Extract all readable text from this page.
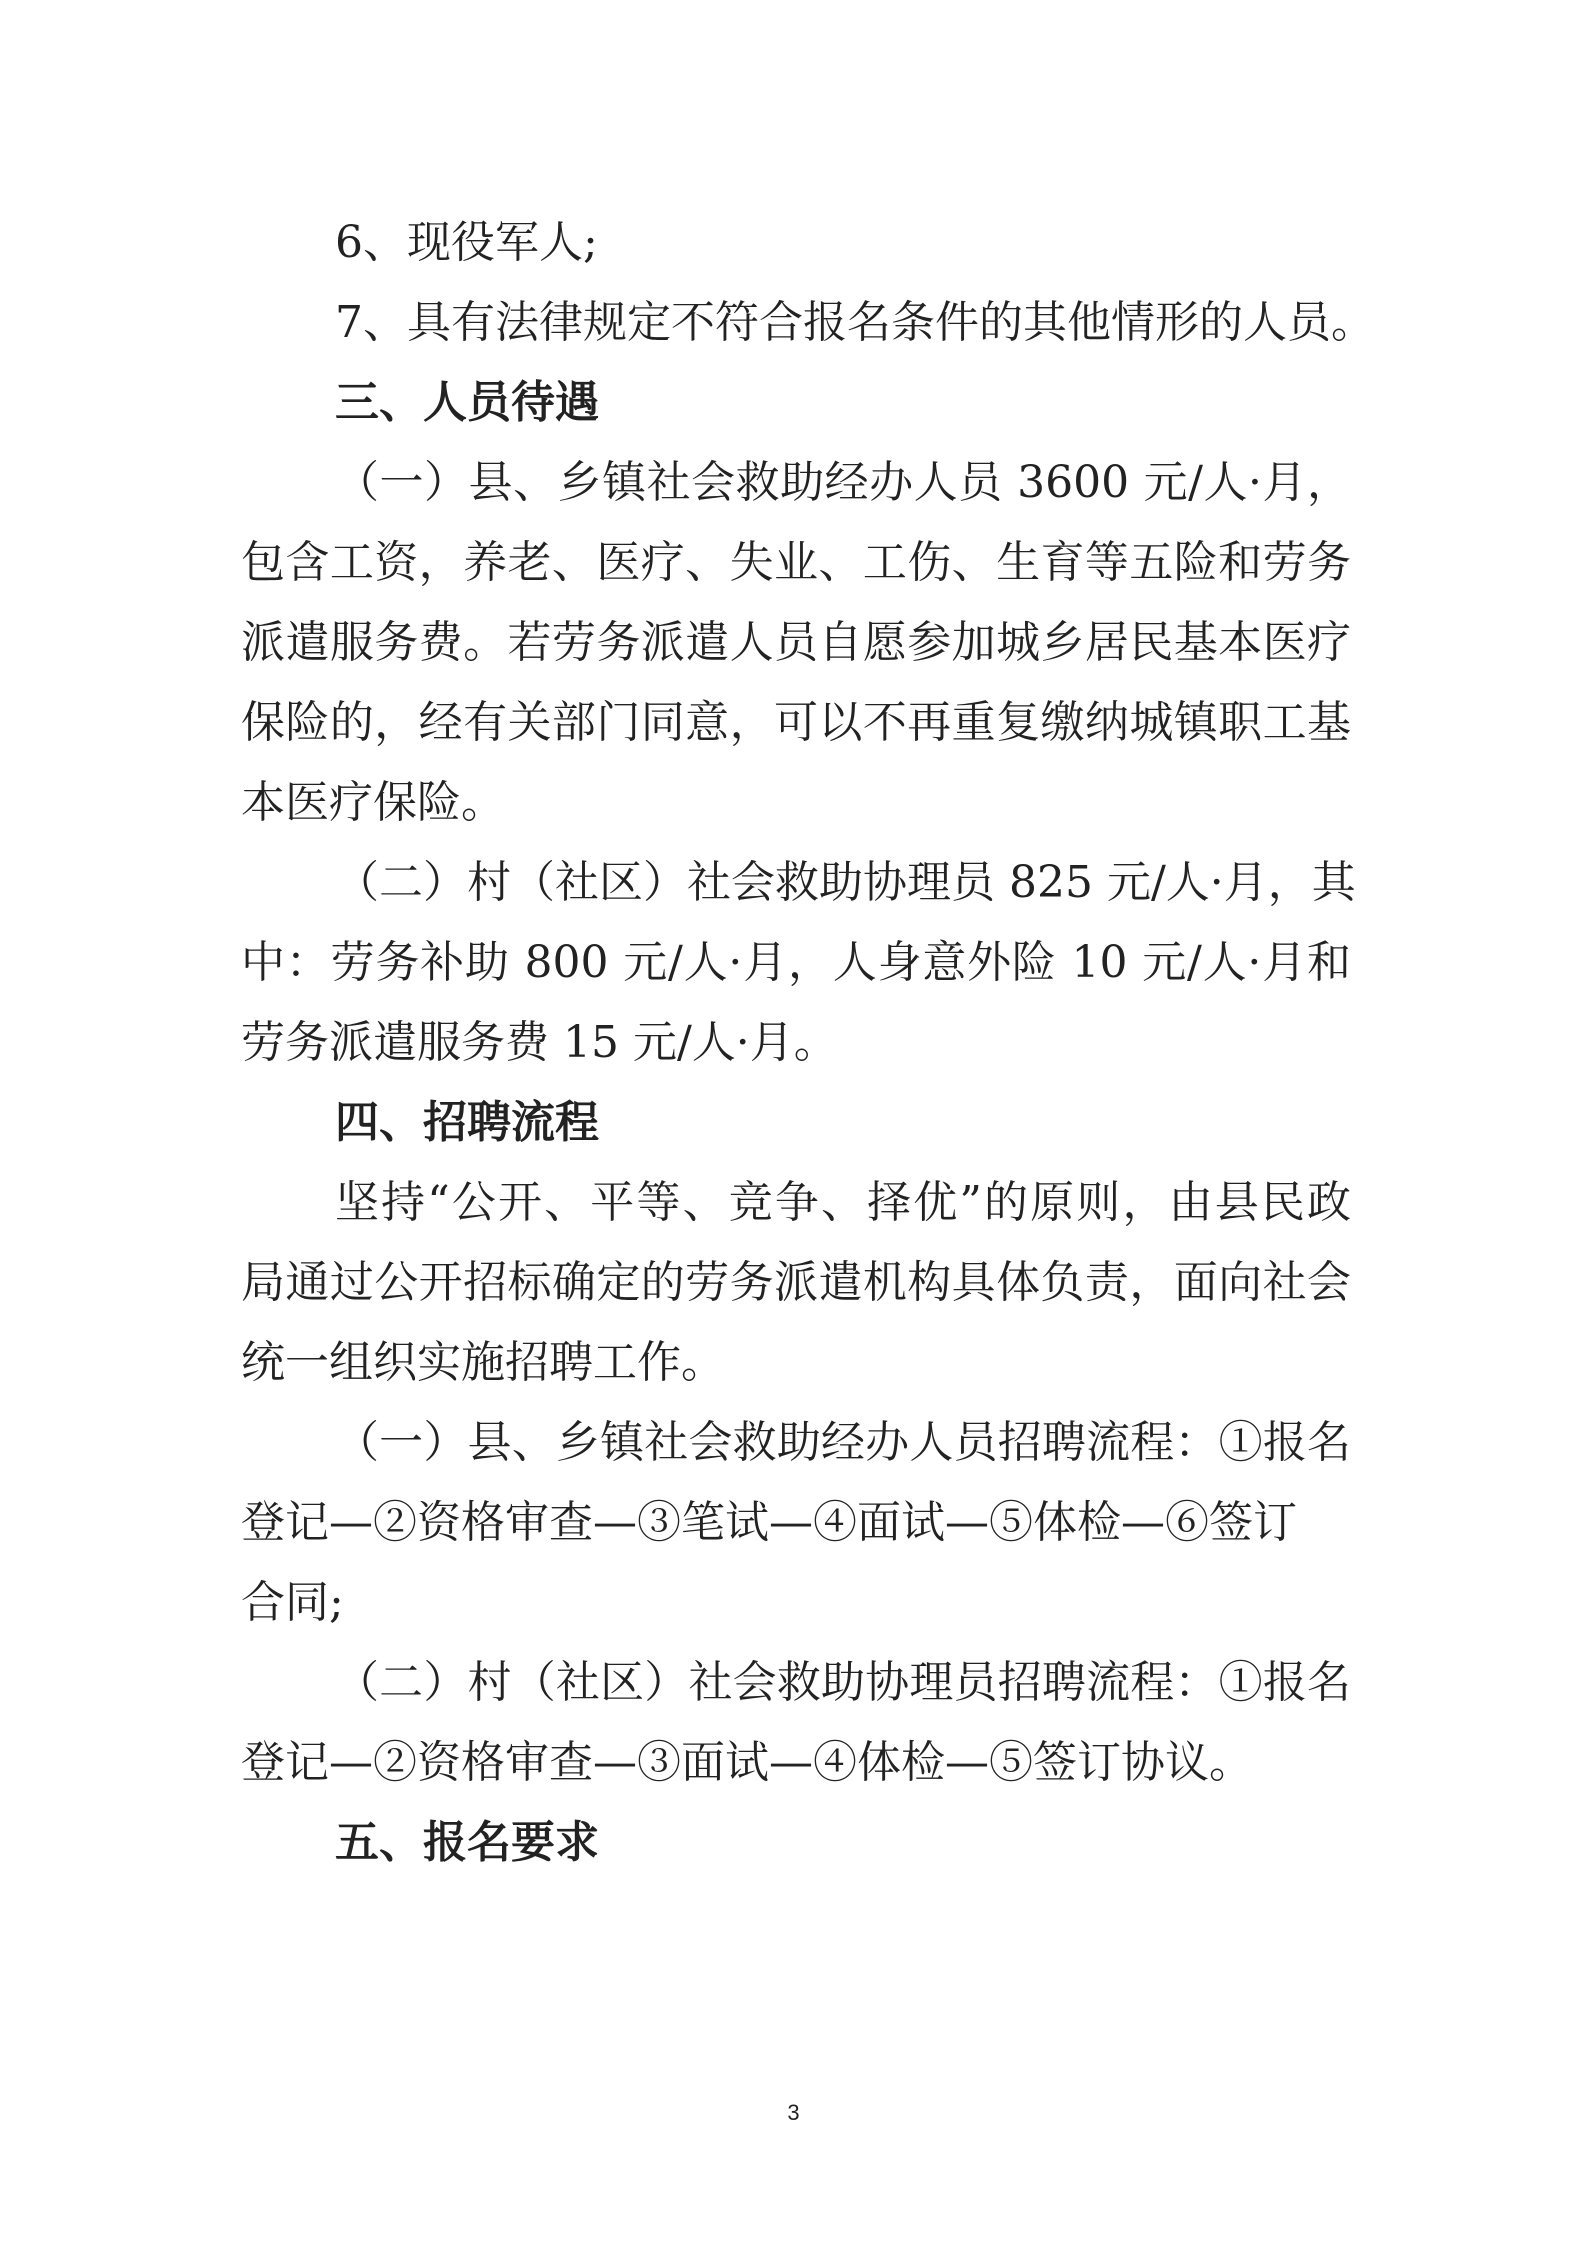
6、现役军人;
7、具有法律规定不符合报名条件的其他情形的人员。
三、人员待遇
（一）县、乡镇社会救助经办人员 3600 元/人·月，
包含工资，养老、医疗、失业、工伤、生育等五险和劳务
派遣服务费。若劳务派遣人员自愿参加城乡居民基本医疗
保险的，经有关部门同意，可以不再重复缴纳城镇职工基
本医疗保险。
（二）村（社区）社会救助协理员 825 元/人·月，其
中：劳务补助 800 元/人·月，人身意外险 10 元/人·月和
劳务派遣服务费 15 元/人·月。
四、招聘流程
坚持“公开、平等、竞争、择优”的原则，由县民政
局通过公开招标确定的劳务派遣机构具体负责，面向社会
统一组织实施招聘工作。
（一）县、乡镇社会救助经办人员招聘流程：①报名
登记—②资格审查—③笔试—④面试—⑤体检—⑥签订
合同;
（二）村（社区）社会救助协理员招聘流程：①报名
登记—②资格审查—③面试—④体检—⑤签订协议。
五、报名要求
3
